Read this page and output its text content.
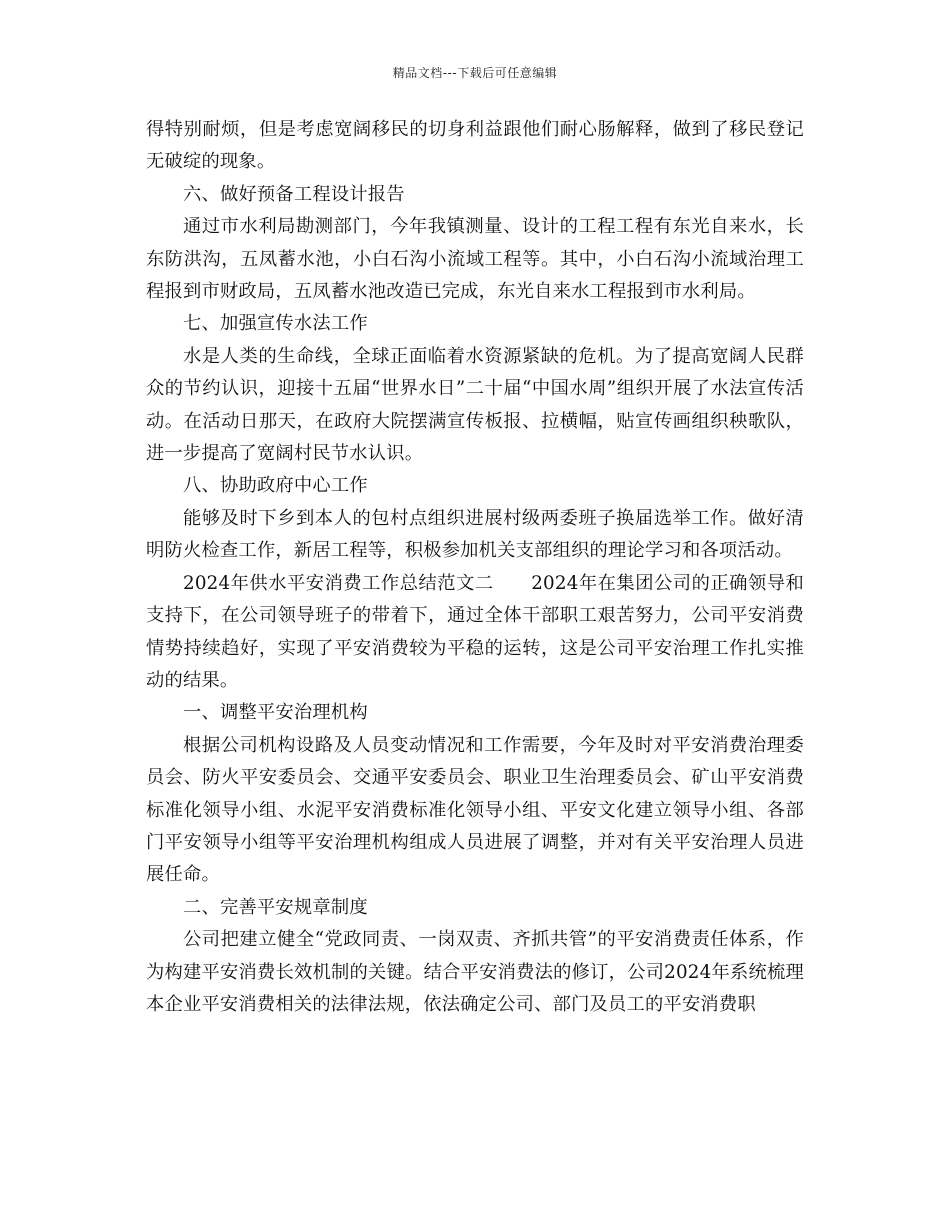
精品文档---下载后可任意编辑

得特别耐烦，但是考虑宽阔移民的切身利益跟他们耐心肠解释，做到了移民登记无破绽的现象。

六、做好预备工程设计报告

通过市水利局勘测部门，今年我镇测量、设计的工程工程有东光自来水，长东防洪沟，五凤蓄水池，小白石沟小流域工程等。其中，小白石沟小流域治理工程报到市财政局，五凤蓄水池改造已完成，东光自来水工程报到市水利局。

七、加强宣传水法工作

水是人类的生命线，全球正面临着水资源紧缺的危机。为了提高宽阔人民群众的节约认识，迎接十五届“世界水日”二十届“中国水周”组织开展了水法宣传活动。在活动日那天，在政府大院摆满宣传板报、拉横幅，贴宣传画组织秧歌队，进一步提高了宽阔村民节水认识。

八、协助政府中心工作

能够及时下乡到本人的包村点组织进展村级两委班子换届选举工作。做好清明防火检查工作，新居工程等，积极参加机关支部组织的理论学习和各项活动。

2024年供水平安消费工作总结范文二　　2024年在集团公司的正确领导和支持下，在公司领导班子的带着下，通过全体干部职工艰苦努力，公司平安消费情势持续趋好，实现了平安消费较为平稳的运转，这是公司平安治理工作扎实推动的结果。

一、调整平安治理机构

根据公司机构设路及人员变动情况和工作需要，今年及时对平安消费治理委员会、防火平安委员会、交通平安委员会、职业卫生治理委员会、矿山平安消费标准化领导小组、水泥平安消费标准化领导小组、平安文化建立领导小组、各部门平安领导小组等平安治理机构组成人员进展了调整，并对有关平安治理人员进展任命。

二、完善平安规章制度

公司把建立健全“党政同责、一岗双责、齐抓共管”的平安消费责任体系，作为构建平安消费长效机制的关键。结合平安消费法的修订，公司2024年系统梳理本企业平安消费相关的法律法规，依法确定公司、部门及员工的平安消费职
